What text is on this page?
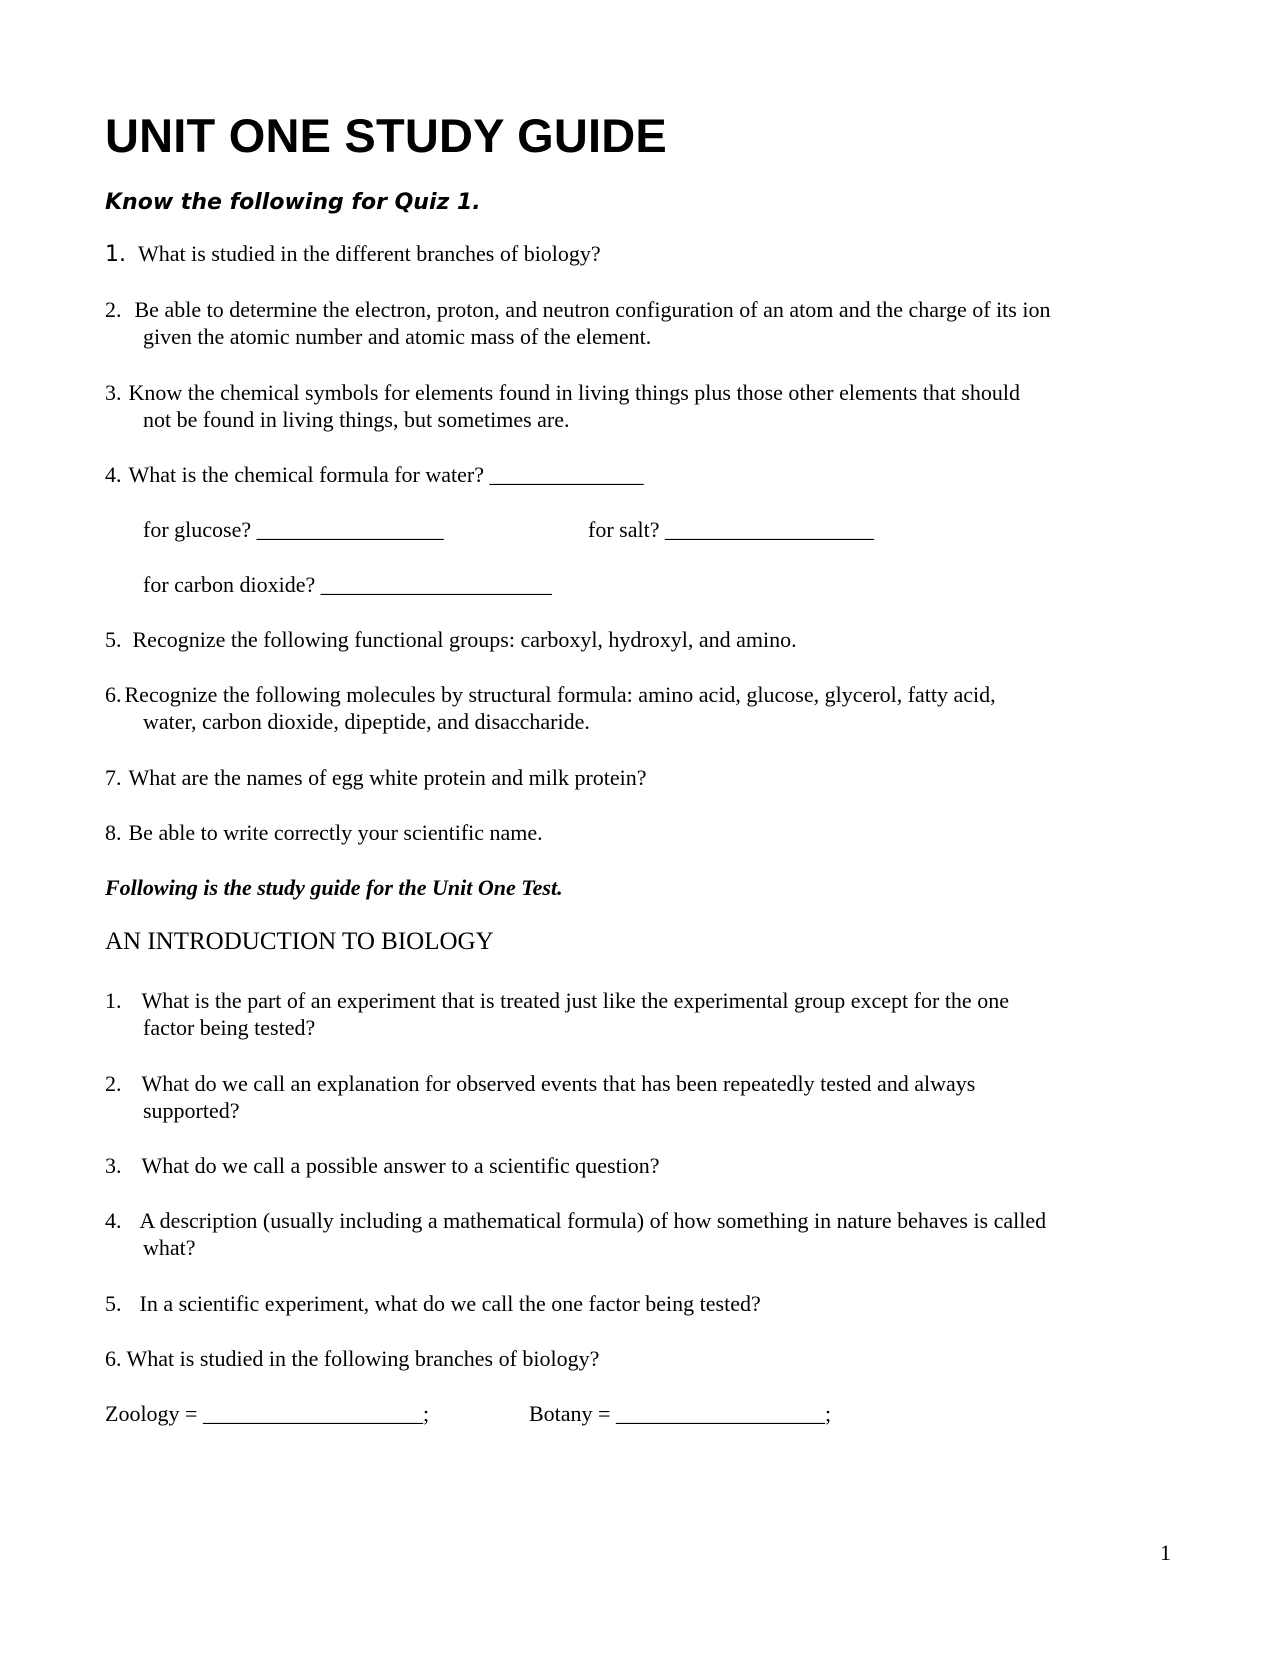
UNIT ONE STUDY GUIDE
Know the following for Quiz 1.
1. What is studied in the different branches of biology?
2. Be able to determine the electron, proton, and neutron configuration of an atom and the charge of its ion
given the atomic number and atomic mass of the element.
3. Know the chemical symbols for elements found in living things plus those other elements that should
not be found in living things, but sometimes are.
4. What is the chemical formula for water? ______________
for glucose? _________________	for salt? ___________________
for carbon dioxide? _____________________
5. Recognize the following functional groups: carboxyl, hydroxyl, and amino.
6. Recognize the following molecules by structural formula: amino acid, glucose, glycerol, fatty acid,
water, carbon dioxide, dipeptide, and disaccharide.
7. What are the names of egg white protein and milk protein?
8. Be able to write correctly your scientific name.
Following is the study guide for the Unit One Test.
AN INTRODUCTION TO BIOLOGY
1. What is the part of an experiment that is treated just like the experimental group except for the one
factor being tested?
2. What do we call an explanation for observed events that has been repeatedly tested and always
supported?
3. What do we call a possible answer to a scientific question?
4. A description (usually including a mathematical formula) of how something in nature behaves is called
what?
5. In a scientific experiment, what do we call the one factor being tested?
6. What is studied in the following branches of biology?
Zoology = ____________________;	Botany = ___________________;
1
